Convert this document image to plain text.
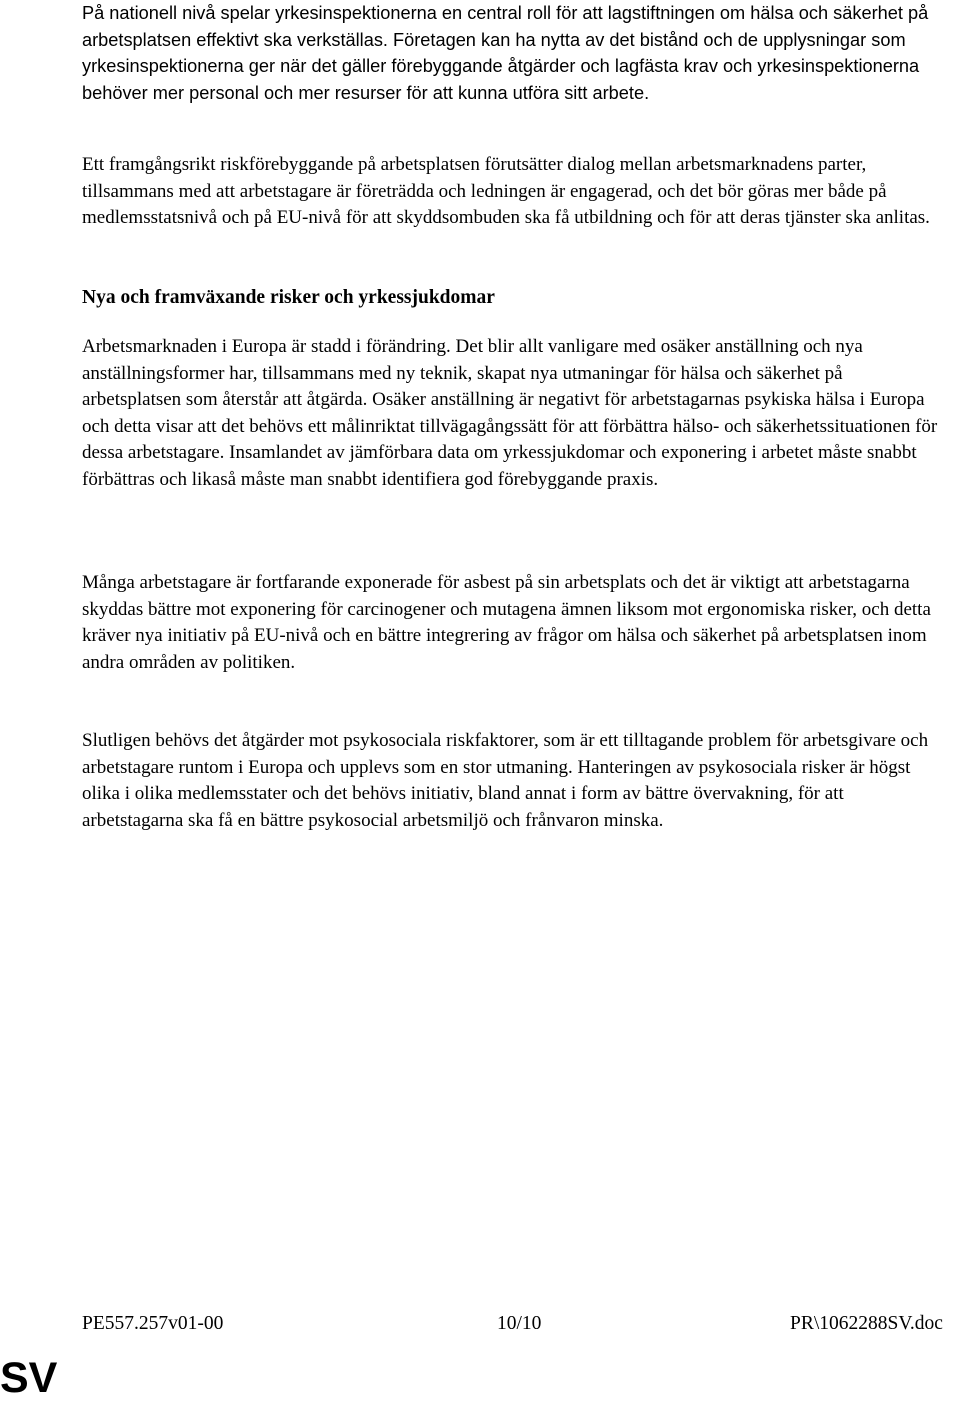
På nationell nivå spelar yrkesinspektionerna en central roll för att lagstiftningen om hälsa och säkerhet på arbetsplatsen effektivt ska verkställas. Företagen kan ha nytta av det bistånd och de upplysningar som yrkesinspektionerna ger när det gäller förebyggande åtgärder och lagfästa krav och yrkesinspektionerna behöver mer personal och mer resurser för att kunna utföra sitt arbete.

Ett framgångsrikt riskförebyggande på arbetsplatsen förutsätter dialog mellan arbetsmarknadens parter, tillsammans med att arbetstagare är företrädda och ledningen är engagerad, och det bör göras mer både på medlemsstatsnivå och på EU-nivå för att skyddsombuden ska få utbildning och för att deras tjänster ska anlitas.

Nya och framväxande risker och yrkessjukdomar

Arbetsmarknaden i Europa är stadd i förändring. Det blir allt vanligare med osäker anställning och nya anställningsformer har, tillsammans med ny teknik, skapat nya utmaningar för hälsa och säkerhet på arbetsplatsen som återstår att åtgärda. Osäker anställning är negativt för arbetstagarnas psykiska hälsa i Europa och detta visar att det behövs ett målinriktat tillvägagångssätt för att förbättra hälso- och säkerhetssituationen för dessa arbetstagare. Insamlandet av jämförbara data om yrkessjukdomar och exponering i arbetet måste snabbt förbättras och likaså måste man snabbt identifiera god förebyggande praxis.

Många arbetstagare är fortfarande exponerade för asbest på sin arbetsplats och det är viktigt att arbetstagarna skyddas bättre mot exponering för carcinogener och mutagena ämnen liksom mot ergonomiska risker, och detta kräver nya initiativ på EU-nivå och en bättre integrering av frågor om hälsa och säkerhet på arbetsplatsen inom andra områden av politiken.

Slutligen behövs det åtgärder mot psykosociala riskfaktorer, som är ett tilltagande problem för arbetsgivare och arbetstagare runtom i Europa och upplevs som en stor utmaning. Hanteringen av psykosociala risker är högst olika i olika medlemsstater och det behövs initiativ, bland annat i form av bättre övervakning, för att arbetstagarna ska få en bättre psykosocial arbetsmiljö och frånvaron minska.

PE557.257v01-00	10/10	PR\1062288SV.doc
SV
